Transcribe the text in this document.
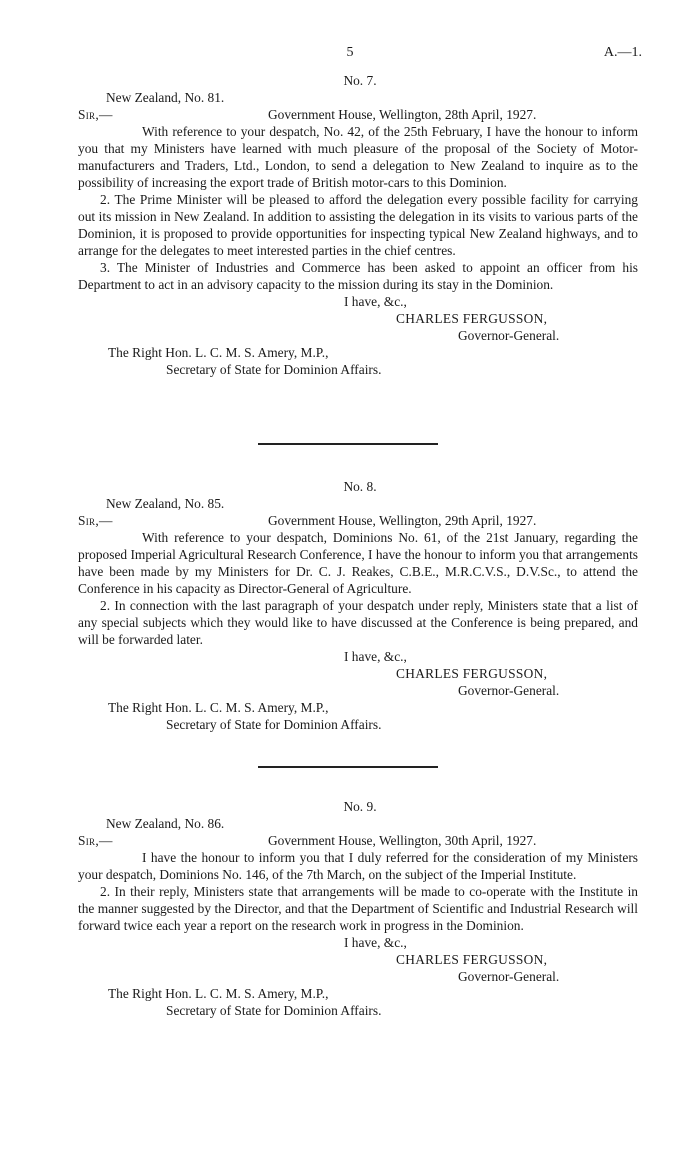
5	A.—1.
No. 7.
New Zealand, No. 81.
Sir,—	Government House, Wellington, 28th April, 1927.

With reference to your despatch, No. 42, of the 25th February, I have the honour to inform you that my Ministers have learned with much pleasure of the proposal of the Society of Motor-manufacturers and Traders, Ltd., London, to send a delegation to New Zealand to inquire as to the possibility of increasing the export trade of British motor-cars to this Dominion.

2. The Prime Minister will be pleased to afford the delegation every possible facility for carrying out its mission in New Zealand. In addition to assisting the delegation in its visits to various parts of the Dominion, it is proposed to provide opportunities for inspecting typical New Zealand highways, and to arrange for the delegates to meet interested parties in the chief centres.

3. The Minister of Industries and Commerce has been asked to appoint an officer from his Department to act in an advisory capacity to the mission during its stay in the Dominion.

I have, &c.,
CHARLES FERGUSSON,
Governor-General.
The Right Hon. L. C. M. S. Amery, M.P.,
Secretary of State for Dominion Affairs.
No. 8.
New Zealand, No. 85.
Sir,—	Government House, Wellington, 29th April, 1927.

With reference to your despatch, Dominions No. 61, of the 21st January, regarding the proposed Imperial Agricultural Research Conference, I have the honour to inform you that arrangements have been made by my Ministers for Dr. C. J. Reakes, C.B.E., M.R.C.V.S., D.V.Sc., to attend the Conference in his capacity as Director-General of Agriculture.

2. In connection with the last paragraph of your despatch under reply, Ministers state that a list of any special subjects which they would like to have discussed at the Conference is being prepared, and will be forwarded later.

I have, &c.,
CHARLES FERGUSSON,
Governor-General.
The Right Hon. L. C. M. S. Amery, M.P.,
Secretary of State for Dominion Affairs.
No. 9.
New Zealand, No. 86.
Sir,—	Government House, Wellington, 30th April, 1927.

I have the honour to inform you that I duly referred for the consideration of my Ministers your despatch, Dominions No. 146, of the 7th March, on the subject of the Imperial Institute.

2. In their reply, Ministers state that arrangements will be made to co-operate with the Institute in the manner suggested by the Director, and that the Department of Scientific and Industrial Research will forward twice each year a report on the research work in progress in the Dominion.

I have, &c.,
CHARLES FERGUSSON,
Governor-General.
The Right Hon. L. C. M. S. Amery, M.P.,
Secretary of State for Dominion Affairs.
